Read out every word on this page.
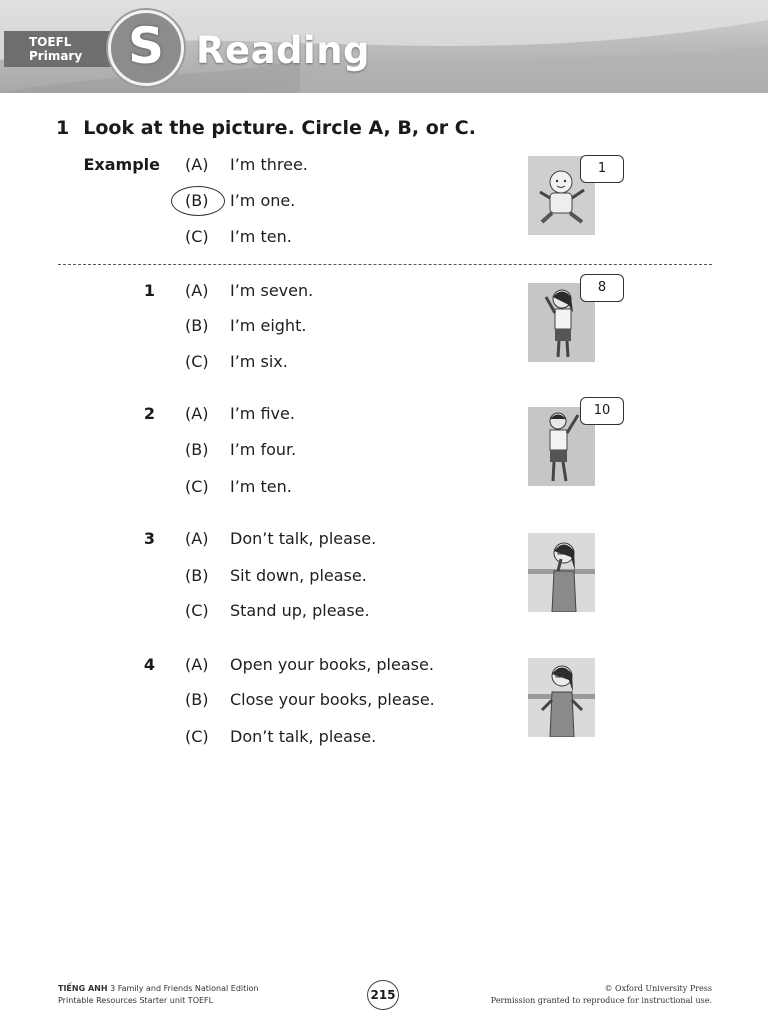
TOEFL
Primary S Reading
1 Look at the picture. Circle A, B, or C.
Example (A) I’m three.
(B) I’m one.
(C) I’m ten.
1
1 (A) I’m seven.
(B) I’m eight.
(C) I’m six.
8
2 (A) I’m five.
(B) I’m four.
(C) I’m ten.
10
3 (A) Don’t talk, please.
(B) Sit down, please.
(C) Stand up, please.
4 (A) Open your books, please.
(B) Close your books, please.
(C) Don’t talk, please.
TIẾNG ANH 3 Family and Friends National Edition
Printable Resources Starter unit TOEFL	215	© Oxford University Press
Permission granted to reproduce for instructional use.
